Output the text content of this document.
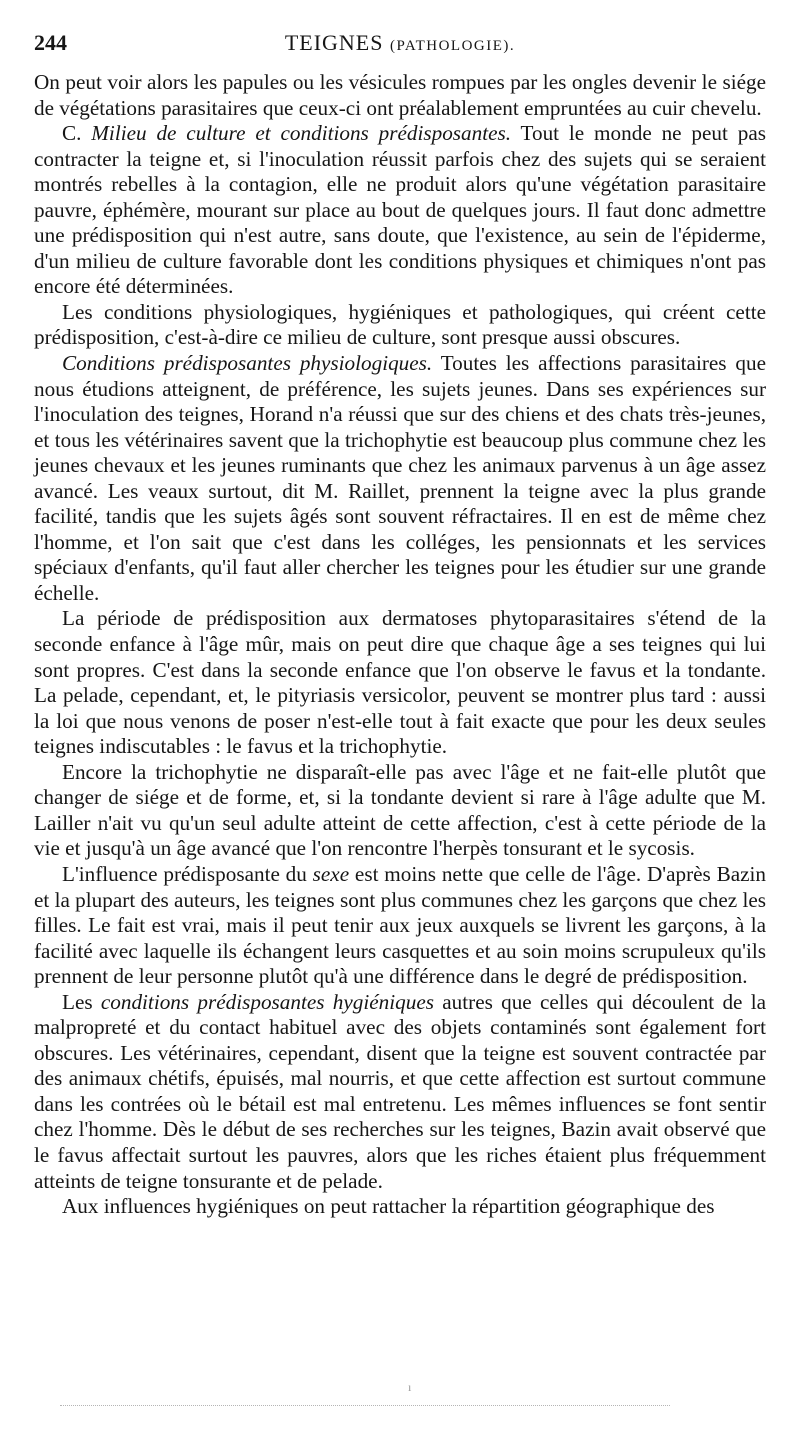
244	TEIGNES (PATHOLOGIE).

On peut voir alors les papules ou les vésicules rompues par les ongles devenir le siége de végétations parasitaires que ceux-ci ont préalablement empruntées au cuir chevelu.

C. Milieu de culture et conditions prédisposantes. Tout le monde ne peut pas contracter la teigne et, si l'inoculation réussit parfois chez des sujets qui se seraient montrés rebelles à la contagion, elle ne produit alors qu'une végétation parasitaire pauvre, éphémère, mourant sur place au bout de quelques jours. Il faut donc admettre une prédisposition qui n'est autre, sans doute, que l'existence, au sein de l'épiderme, d'un milieu de culture favorable dont les conditions physiques et chimiques n'ont pas encore été déterminées.

Les conditions physiologiques, hygiéniques et pathologiques, qui créent cette prédisposition, c'est-à-dire ce milieu de culture, sont presque aussi obscures.

Conditions prédisposantes physiologiques. Toutes les affections parasitaires que nous étudions atteignent, de préférence, les sujets jeunes. Dans ses expériences sur l'inoculation des teignes, Horand n'a réussi que sur des chiens et des chats très-jeunes, et tous les vétérinaires savent que la trichophytie est beaucoup plus commune chez les jeunes chevaux et les jeunes ruminants que chez les animaux parvenus à un âge assez avancé. Les veaux surtout, dit M. Raillet, prennent la teigne avec la plus grande facilité, tandis que les sujets âgés sont souvent réfractaires. Il en est de même chez l'homme, et l'on sait que c'est dans les colléges, les pensionnats et les services spéciaux d'enfants, qu'il faut aller chercher les teignes pour les étudier sur une grande échelle.

La période de prédisposition aux dermatoses phytoparasitaires s'étend de la seconde enfance à l'âge mûr, mais on peut dire que chaque âge a ses teignes qui lui sont propres. C'est dans la seconde enfance que l'on observe le favus et la tondante. La pelade, cependant, et, le pityriasis versicolor, peuvent se montrer plus tard : aussi la loi que nous venons de poser n'est-elle tout à fait exacte que pour les deux seules teignes indiscutables : le favus et la trichophytie.

Encore la trichophytie ne disparaît-elle pas avec l'âge et ne fait-elle plutôt que changer de siége et de forme, et, si la tondante devient si rare à l'âge adulte que M. Lailler n'ait vu qu'un seul adulte atteint de cette affection, c'est à cette période de la vie et jusqu'à un âge avancé que l'on rencontre l'herpès tonsurant et le sycosis.

L'influence prédisposante du sexe est moins nette que celle de l'âge. D'après Bazin et la plupart des auteurs, les teignes sont plus communes chez les garçons que chez les filles. Le fait est vrai, mais il peut tenir aux jeux auxquels se livrent les garçons, à la facilité avec laquelle ils échangent leurs casquettes et au soin moins scrupuleux qu'ils prennent de leur personne plutôt qu'à une différence dans le degré de prédisposition.

Les conditions prédisposantes hygiéniques autres que celles qui découlent de la malpropreté et du contact habituel avec des objets contaminés sont également fort obscures. Les vétérinaires, cependant, disent que la teigne est souvent contractée par des animaux chétifs, épuisés, mal nourris, et que cette affection est surtout commune dans les contrées où le bétail est mal entretenu. Les mêmes influences se font sentir chez l'homme. Dès le début de ses recherches sur les teignes, Bazin avait observé que le favus affectait surtout les pauvres, alors que les riches étaient plus fréquemment atteints de teigne tonsurante et de pelade.

Aux influences hygiéniques on peut rattacher la répartition géographique des

ı
